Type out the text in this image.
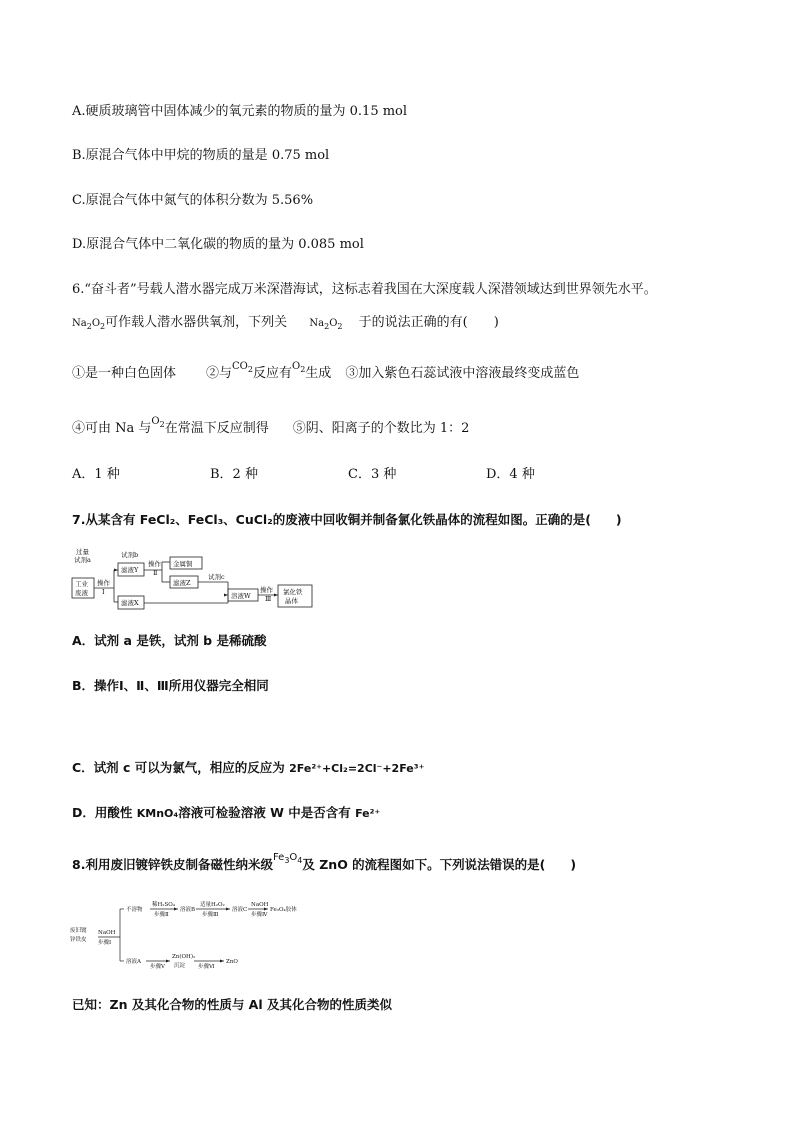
A.硬质玻璃管中固体减少的氧元素的物质的量为 0.15 mol
B.原混合气体中甲烷的物质的量是 0.75 mol
C.原混合气体中氮气的体积分数为 5.56%
D.原混合气体中二氧化碳的物质的量为 0.085 mol
6.“奋斗者”号载人潜水器完成万米深潜海试，这标志着我国在大深度载人深潜领域达到世界领先水平。
$Na_2O_2$可作载人潜水器供氧剂，下列关 $Na_2O_2$ 于的说法正确的有(　　)
①是一种白色固体 ②与$^{CO_2}$反应有$^{O_2}$生成 ③加入紫色石蕊试液中溶液最终变成蓝色
④可由 Na 与$^{O_2}$在常温下反应制得 ⑤阴、阳离子的个数比为 1：2
A．1 种	B．2 种	C．3 种	D．4 种
7.从某含有 FeCl₂、FeCl₃、CuCl₂的废液中回收铜并制备氯化铁晶体的流程如图。正确的是(　　)
过量
试剂a
工业
废液
操作
Ⅰ
试剂b
滤液Y
操作
Ⅱ
金属铜
滤液Z
滤液X
试剂c
溶液W
操作
Ⅲ
氯化铁
晶体
A．试剂 a 是铁，试剂 b 是稀硫酸
B．操作Ⅰ、Ⅱ、Ⅲ所用仪器完全相同
C．试剂 c 可以为氯气，相应的反应为 2Fe²⁺+Cl₂=2Cl⁻+2Fe³⁺
D．用酸性 KMnO₄溶液可检验溶液 W 中是否含有 Fe²⁺
8.利用废旧镀锌铁皮制备磁性纳米级$^{Fe_3O_4}$及 ZnO 的流程图如下。下列说法错误的是(　　)
废旧镀
锌铁皮
NaOH
步骤Ⅰ
不溶物
稀H₂SO₄
步骤Ⅱ
溶液B
适量H₂O₂
步骤Ⅲ
溶液C
NaOH
步骤Ⅳ
Fe₃O₄胶体
溶液A
步骤Ⅴ
Zn(OH)₂
沉淀 步骤Ⅵ
ZnO
已知：Zn 及其化合物的性质与 Al 及其化合物的性质类似
